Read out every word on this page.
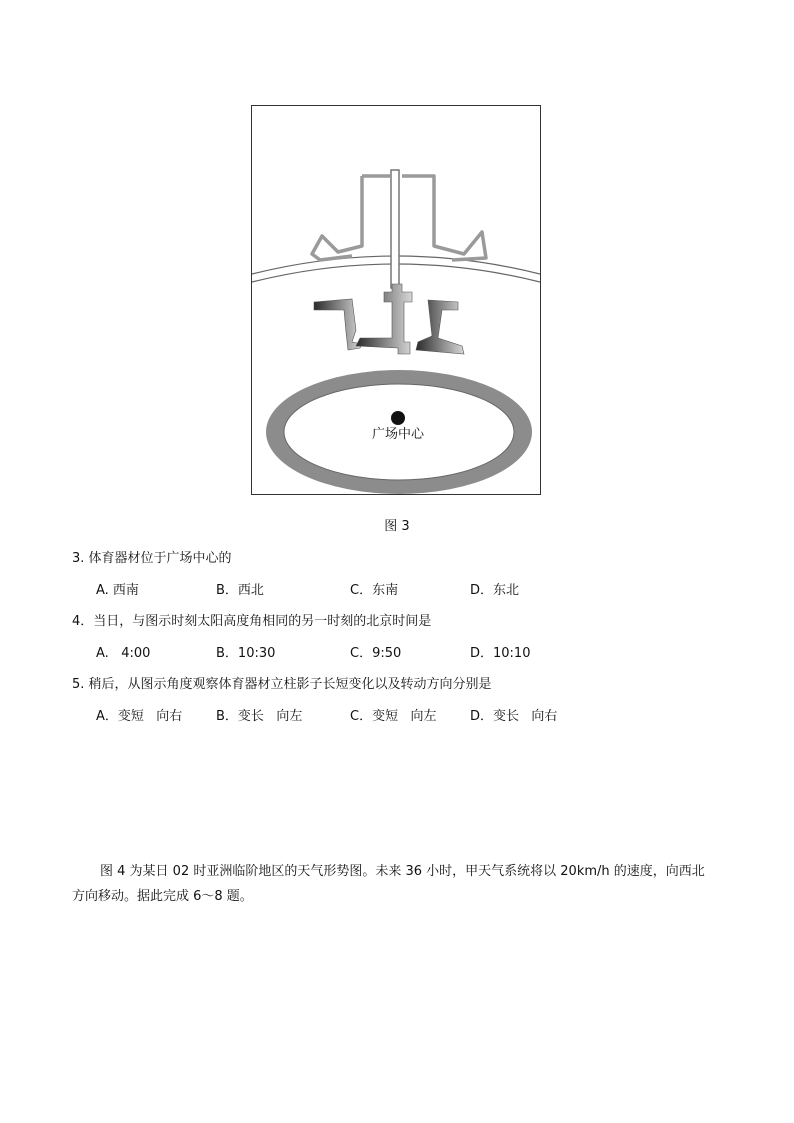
广场中心
图 3
3. 体育器材位于广场中心的
A. 西南	B．西北	C．东南	D．东北
4．当日，与图示时刻太阳高度角相同的另一时刻的北京时间是
A.   4:00	B．10:30	C．9:50	D．10:10
5. 稍后，从图示角度观察体育器材立柱影子长短变化以及转动方向分别是
A．变短   向右	B．变长   向左	C．变短   向左	D．变长   向右
图 4 为某日 02 时亚洲临阶地区的天气形势图。未来 36 小时，甲天气系统将以 20km/h 的速度，向西北
方向移动。据此完成 6～8 题。
